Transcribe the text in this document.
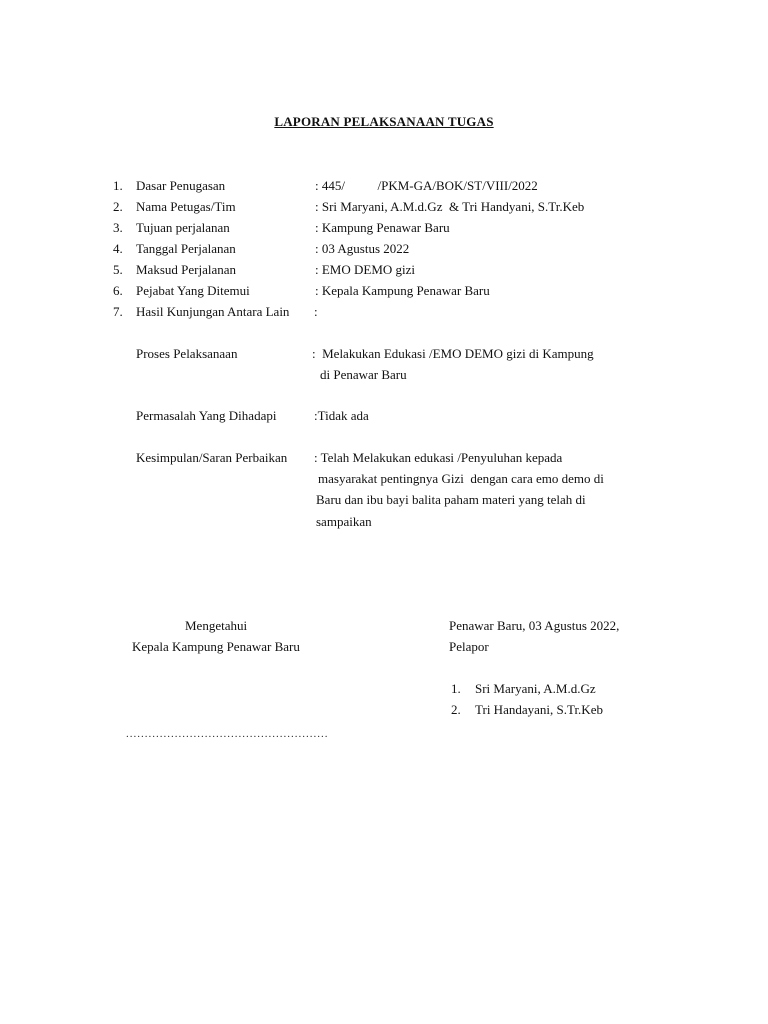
LAPORAN PELAKSANAAN TUGAS
1. Dasar Penugasan	: 445/          /PKM-GA/BOK/ST/VIII/2022
2. Nama Petugas/Tim	: Sri Maryani, A.M.d.Gz  & Tri Handyani, S.Tr.Keb
3. Tujuan perjalanan	: Kampung Penawar Baru
4. Tanggal Perjalanan	: 03 Agustus 2022
5. Maksud Perjalanan	: EMO DEMO gizi
6. Pejabat Yang Ditemui	: Kepala Kampung Penawar Baru
7. Hasil Kunjungan Antara Lain :
Proses Pelaksanaan	:  Melakukan Edukasi /EMO DEMO gizi di Kampung
di Penawar Baru
Permasalah Yang Dihadapi	:Tidak ada
Kesimpulan/Saran Perbaikan : Telah Melakukan edukasi /Penyuluhan kepada
masyarakat pentingnya Gizi  dengan cara emo demo di
Baru dan ibu bayi balita paham materi yang telah di
sampaikan
Mengetahui
Kepala Kampung Penawar Baru
......................................................
Penawar Baru, 03 Agustus 2022,
Pelapor
1. Sri Maryani, A.M.d.Gz
2. Tri Handayani, S.Tr.Keb
